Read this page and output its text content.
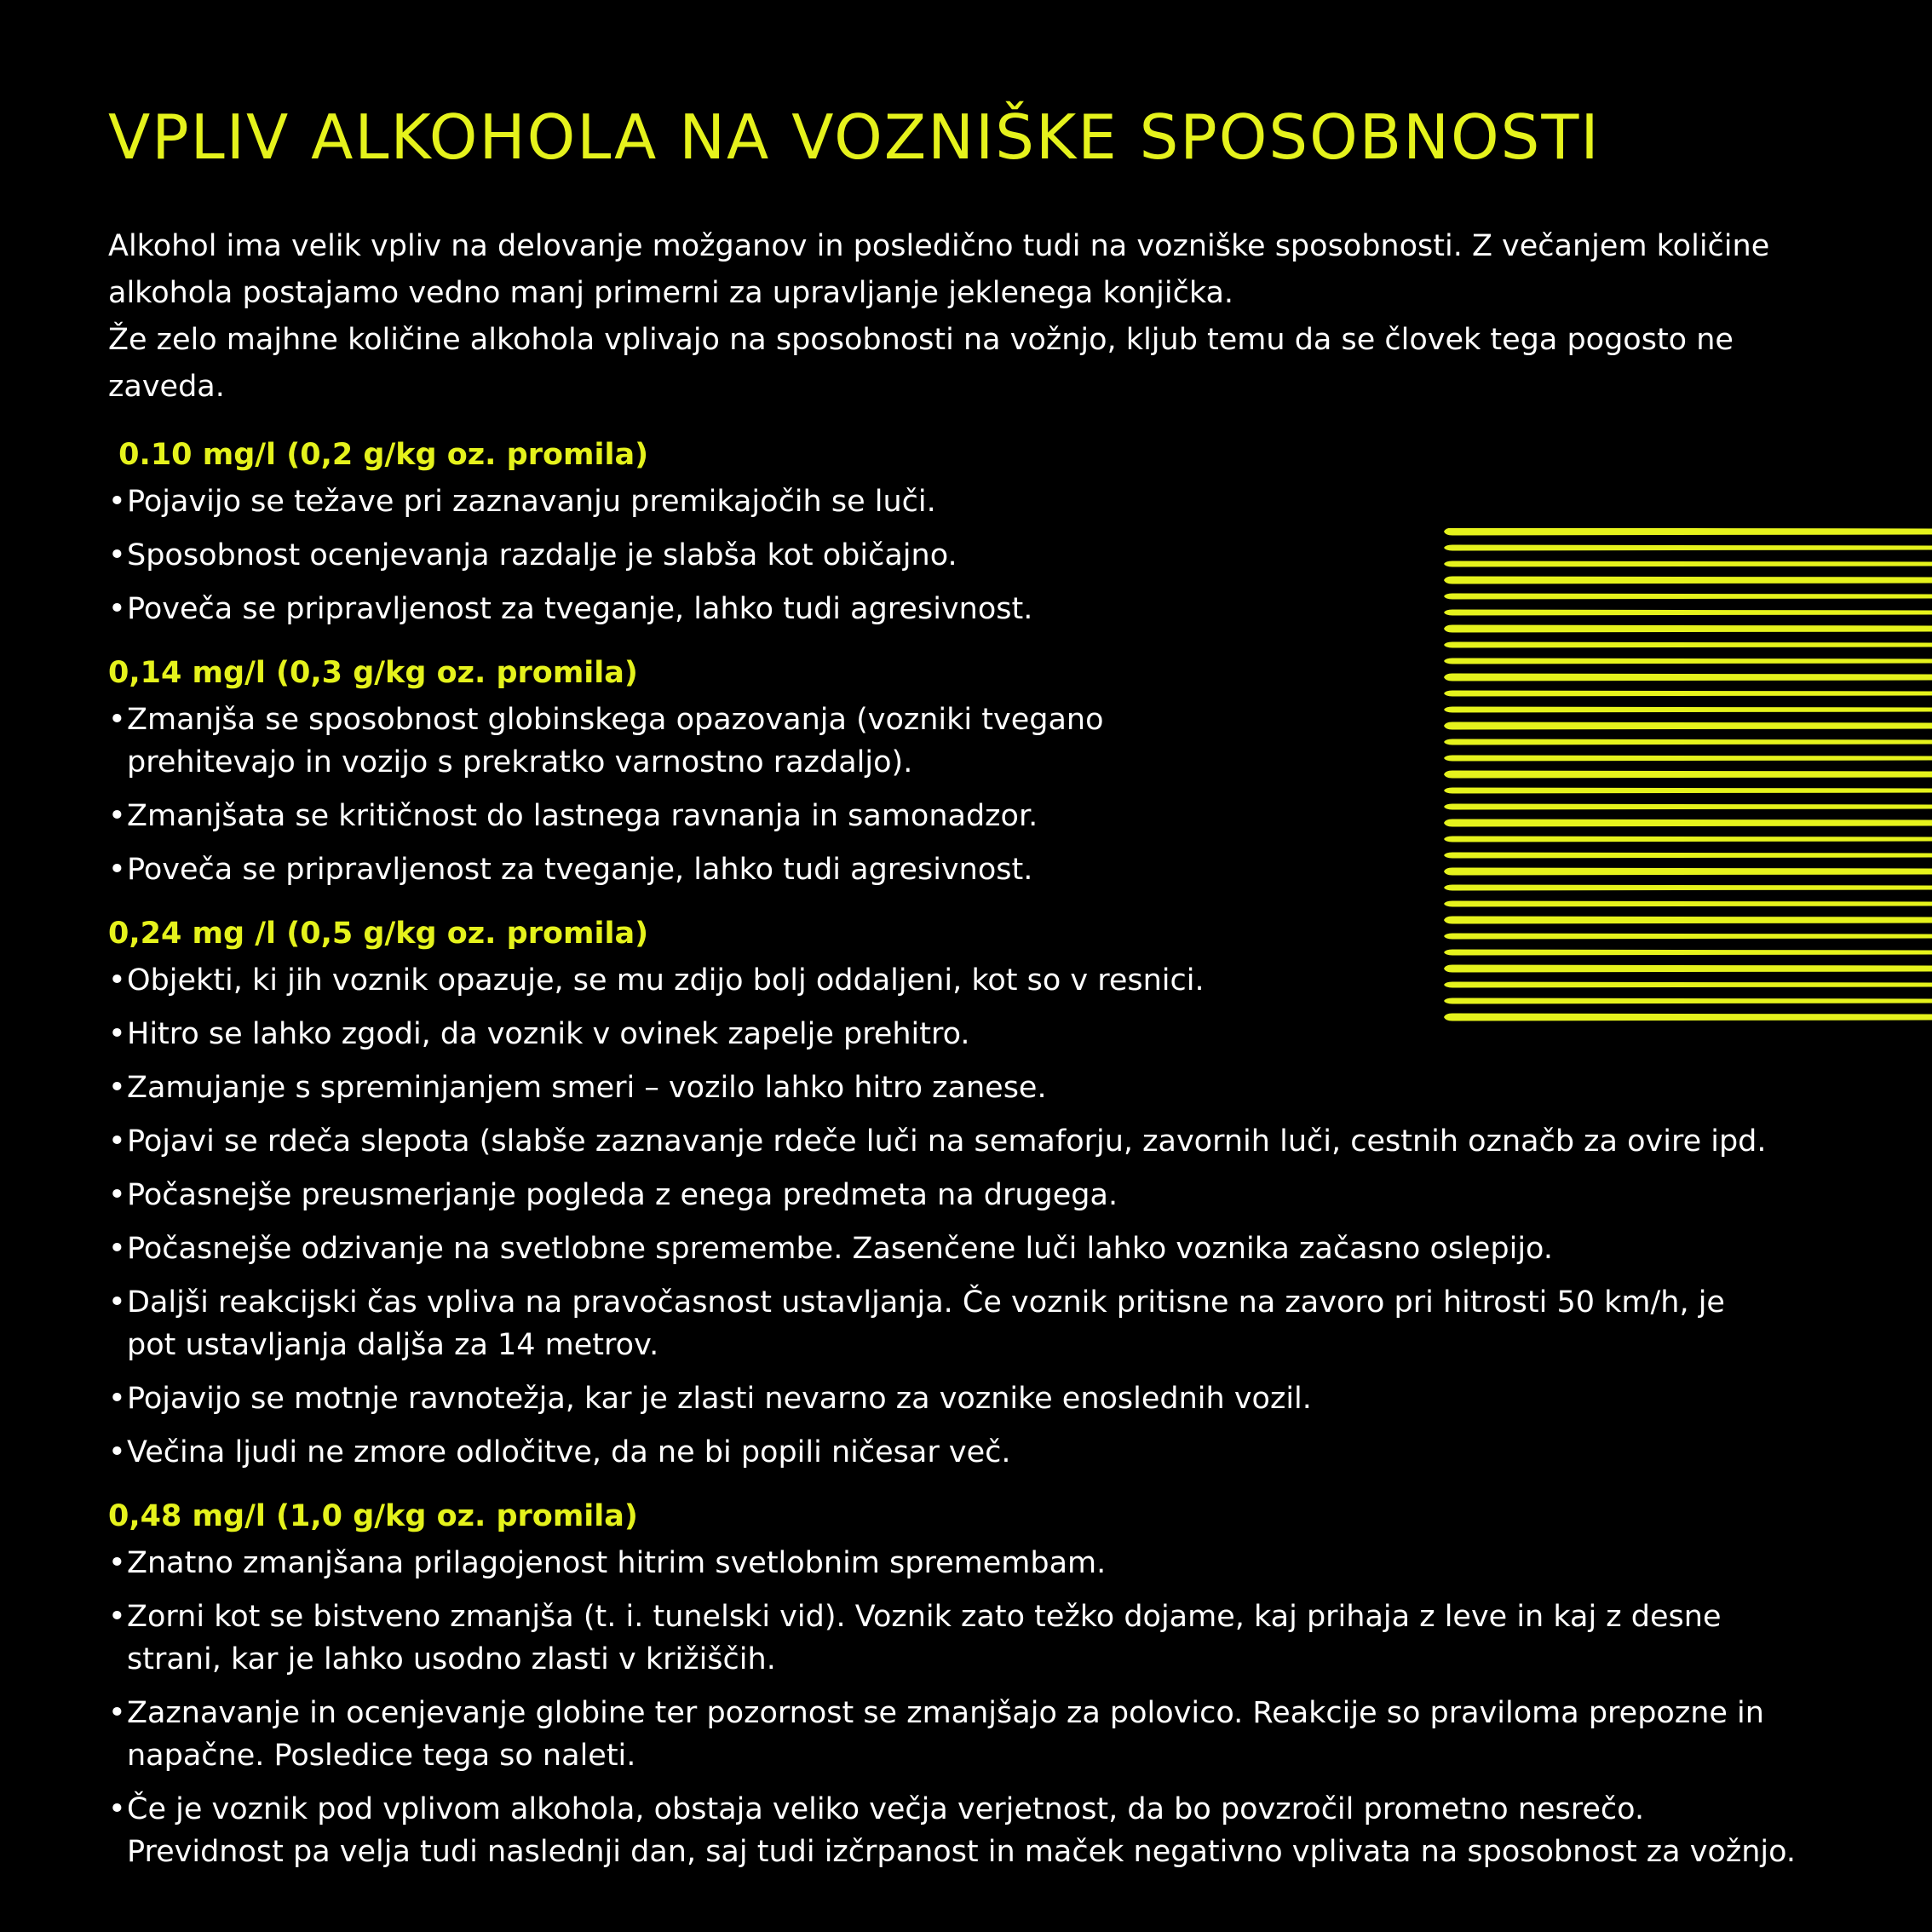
VPLIV ALKOHOLA NA VOZNIŠKE SPOSOBNOSTI

Alkohol ima velik vpliv na delovanje možganov in posledično tudi na vozniške sposobnosti. Z večanjem količine alkohola postajamo vedno manj primerni za upravljanje jeklenega konjička.

Že zelo majhne količine alkohola vplivajo na sposobnosti na vožnjo, kljub temu da se človek tega pogosto ne zaveda.

0.10 mg/l (0,2 g/kg oz. promila)
• Pojavijo se težave pri zaznavanju premikajočih se luči.
• Sposobnost ocenjevanja razdalje je slabša kot običajno.
• Poveča se pripravljenost za tveganje, lahko tudi agresivnost.
0,14 mg/l (0,3 g/kg oz. promila)
• Zmanjša se sposobnost globinskega opazovanja (vozniki tvegano prehitevajo in vozijo s prekratko varnostno razdaljo).
• Zmanjšata se kritičnost do lastnega ravnanja in samonadzor.
• Poveča se pripravljenost za tveganje, lahko tudi agresivnost.
0,24 mg /l (0,5 g/kg oz. promila)
• Objekti, ki jih voznik opazuje, se mu zdijo bolj oddaljeni, kot so v resnici.
• Hitro se lahko zgodi, da voznik v ovinek zapelje prehitro.
• Zamujanje s spreminjanjem smeri – vozilo lahko hitro zanese.
• Pojavi se rdeča slepota (slabše zaznavanje rdeče luči na semaforju, zavornih luči, cestnih označb za ovire ipd.
• Počasnejše preusmerjanje pogleda z enega predmeta na drugega.
• Počasnejše odzivanje na svetlobne spremembe. Zasenčene luči lahko voznika začasno oslepijo.
• Daljši reakcijski čas vpliva na pravočasnost ustavljanja. Če voznik pritisne na zavoro pri hitrosti 50 km/h, je pot ustavljanja daljša za 14 metrov.
• Pojavijo se motnje ravnotežja, kar je zlasti nevarno za voznike enoslednih vozil.
• Večina ljudi ne zmore odločitve, da ne bi popili ničesar več.
0,48 mg/l (1,0 g/kg oz. promila)
• Znatno zmanjšana prilagojenost hitrim svetlobnim spremembam.
• Zorni kot se bistveno zmanjša (t. i. tunelski vid). Voznik zato težko dojame, kaj prihaja z leve in kaj z desne strani, kar je lahko usodno zlasti v križiščih.
• Zaznavanje in ocenjevanje globine ter pozornost se zmanjšajo za polovico. Reakcije so praviloma prepozne in napačne. Posledice tega so naleti.
• Če je voznik pod vplivom alkohola, obstaja veliko večja verjetnost, da bo povzročil prometno nesrečo. Previdnost pa velja tudi naslednji dan, saj tudi izčrpanost in maček negativno vplivata na sposobnost za vožnjo.
